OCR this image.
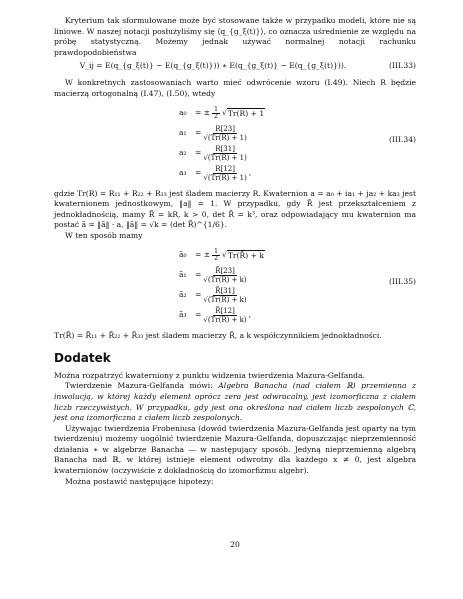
Kryterium tak sformułowane może być stosowane także w przypadku modeli, które nie są liniowe. W naszej notacji posłużyliśmy się ⟨q_{g_ξ(t)}⟩, co oznacza uśrednienie ze względu na próbę statystyczną. Możemy jednak używać normalnej notacji rachunku prawdopodobieństwa

V_ij = E(q_{g_ξ(t)} − E(q_{g_ξ(t)})) ∗ E(q_{g_ξ(t)} − E(q_{g_ξ(t)})).	(III.33)

W konkretnych zastosowaniach warto mieć odwrócenie wzoru (I.49). Niech R będzie macierzą ortogonalną (I.47), (I.50), wtedy

(III.34)
a₀	= ± $\frac{1}{2}$ √ Tr(R) + 1
a₁	= $\frac{R[23]}{√(Tr(R) + 1)}$
a₂	= $\frac{R[31]}{√(Tr(R) + 1)}$
a₃	= $\frac{R[12]}{√(Tr(R) + 1)}$ ,

gdzie Tr(R) = R₁₁ + R₂₂ + R₃₃ jest śladem macierzy R. Kwaternion a = a₀ + ia₁ + ja₂ + ka₃ jest kwaternionem jednostkowym, ‖a‖ = 1. W przypadku, gdy R̃ jest przekształceniem z jednokładnością, mamy R̃ = kR, k > 0, det R̃ = k³, oraz odpowiadający mu kwaternion ma postać ã = ‖ã‖ · a, ‖ã‖ = √k = (det R̃)^{1/6}.

W ten sposób mamy

(III.35)
ã₀	= ± $\frac{1}{2}$ √ Tr(R̃) + k
ã₁	= $\frac{R̃[23]}{√(Tr(R̃) + k)}$
ã₂	= $\frac{R̃[31]}{√(Tr(R̃) + k)}$
ã₃	= $\frac{R̃[12]}{√(Tr(R̃) + k)}$ ,

Tr(R̃) = R̃₁₁ + R̃₂₂ + R̃₃₃ jest śladem macierzy R̃, a k współczynnikiem jednokładności.

Dodatek

Można rozpatrzyć kwaterniony z punktu widzenia twierdzenia Mazura-Gelfanda.

Twierdzenie Mazura-Gelfanda mówi: Algebra Banacha (nad ciałem ℝ) przemienna z inwolucją, w której każdy element oprócz zera jest odwracalny, jest izomorficzna z ciałem liczb rzeczywistych. W przypadku, gdy jest ona określona nad ciałem liczb zespolonych ℂ, jest ona izomorficzna z ciałem liczb zespolonych.

Używając twierdzenia Frobeniusa (dowód twierdzenia Mazura-Gelfanda jest oparty na tym twierdzeniu) możemy uogólnić twierdzenie Mazura-Gelfanda, dopuszczając nieprzemienność działania ∗ w algebrze Banacha — w następujący sposób. Jedyną nieprzemienną algebrą Banacha nad ℝ, w której istnieje element odwrotny dla każdego x ≠ 0, jest algebra kwaternionów (oczywiście z dokładnością do izomorfizmu algebr).

Można postawić następujące hipotezy:

20
